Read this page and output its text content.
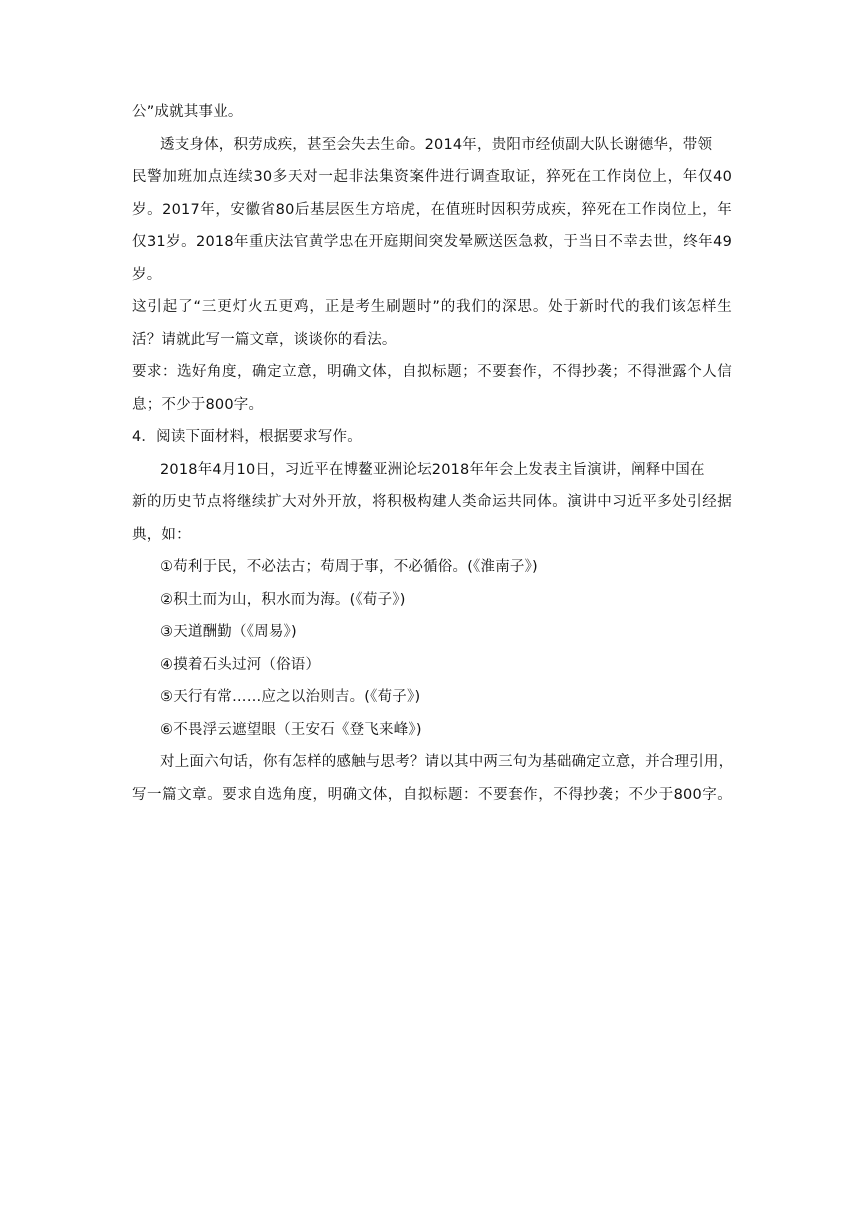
公”成就其事业。
透支身体，积劳成疾，甚至会失去生命。2014年，贵阳市经侦副大队长谢德华，带领
民警加班加点连续30多天对一起非法集资案件进行调查取证，猝死在工作岗位上，年仅40
岁。2017年，安徽省80后基层医生方培虎，在值班时因积劳成疾，猝死在工作岗位上，年
仅31岁。2018年重庆法官黄学忠在开庭期间突发晕厥送医急救，于当日不幸去世，终年49
岁。
这引起了“三更灯火五更鸡，正是考生刷题时”的我们的深思。处于新时代的我们该怎样生
活？请就此写一篇文章，谈谈你的看法。
要求：选好角度，确定立意，明确文体，自拟标题；不要套作，不得抄袭；不得泄露个人信
息；不少于800字。
4．阅读下面材料，根据要求写作。
2018年4月10日，习近平在博鳌亚洲论坛2018年年会上发表主旨演讲，阐释中国在
新的历史节点将继续扩大对外开放，将积极构建人类命运共同体。演讲中习近平多处引经据
典，如：
①苟利于民，不必法古；苟周于事，不必循俗。(《淮南子》)
②积土而为山，积水而为海。(《荀子》)
③天道酬勤（《周易》)
④摸着石头过河（俗语）
⑤天行有常……应之以治则吉。(《荀子》)
⑥不畏浮云遮望眼（王安石《登飞来峰》)
对上面六句话，你有怎样的感触与思考？请以其中两三句为基础确定立意，并合理引用，
写一篇文章。要求自选角度，明确文体，自拟标题：不要套作，不得抄袭；不少于800字。
